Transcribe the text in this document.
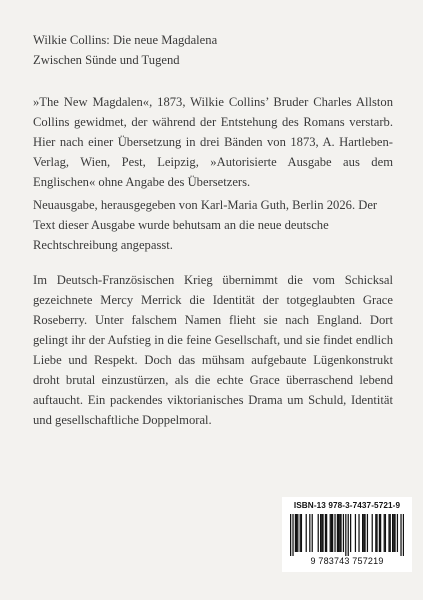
Wilkie Collins: Die neue Magdalena

Zwischen Sünde und Tugend

»The New Magdalen«, 1873, Wilkie Collins’ Bruder Charles Allston Collins gewidmet, der während der Entstehung des Romans verstarb. Hier nach einer Übersetzung in drei Bänden von 1873, A. Hartleben-Verlag, Wien, Pest, Leipzig, »Autorisierte Ausgabe aus dem Englischen« ohne Angabe des Übersetzers.

Neuausgabe, herausgegeben von Karl-Maria Guth, Berlin 2026. Der Text dieser Ausgabe wurde behutsam an die neue deutsche Rechtschreibung angepasst.

Im Deutsch-Französischen Krieg übernimmt die vom Schicksal gezeichnete Mercy Merrick die Identität der totgeglaubten Grace Roseberry. Unter falschem Namen flieht sie nach England. Dort gelingt ihr der Aufstieg in die feine Gesellschaft, und sie findet endlich Liebe und Respekt. Doch das mühsam aufgebaute Lügenkonstrukt droht brutal einzustürzen, als die echte Grace überraschend lebend auftaucht. Ein packendes viktorianisches Drama um Schuld, Identität und gesellschaftliche Doppelmoral.

ISBN-13 978-3-7437-5721-9
9 783743 757219
